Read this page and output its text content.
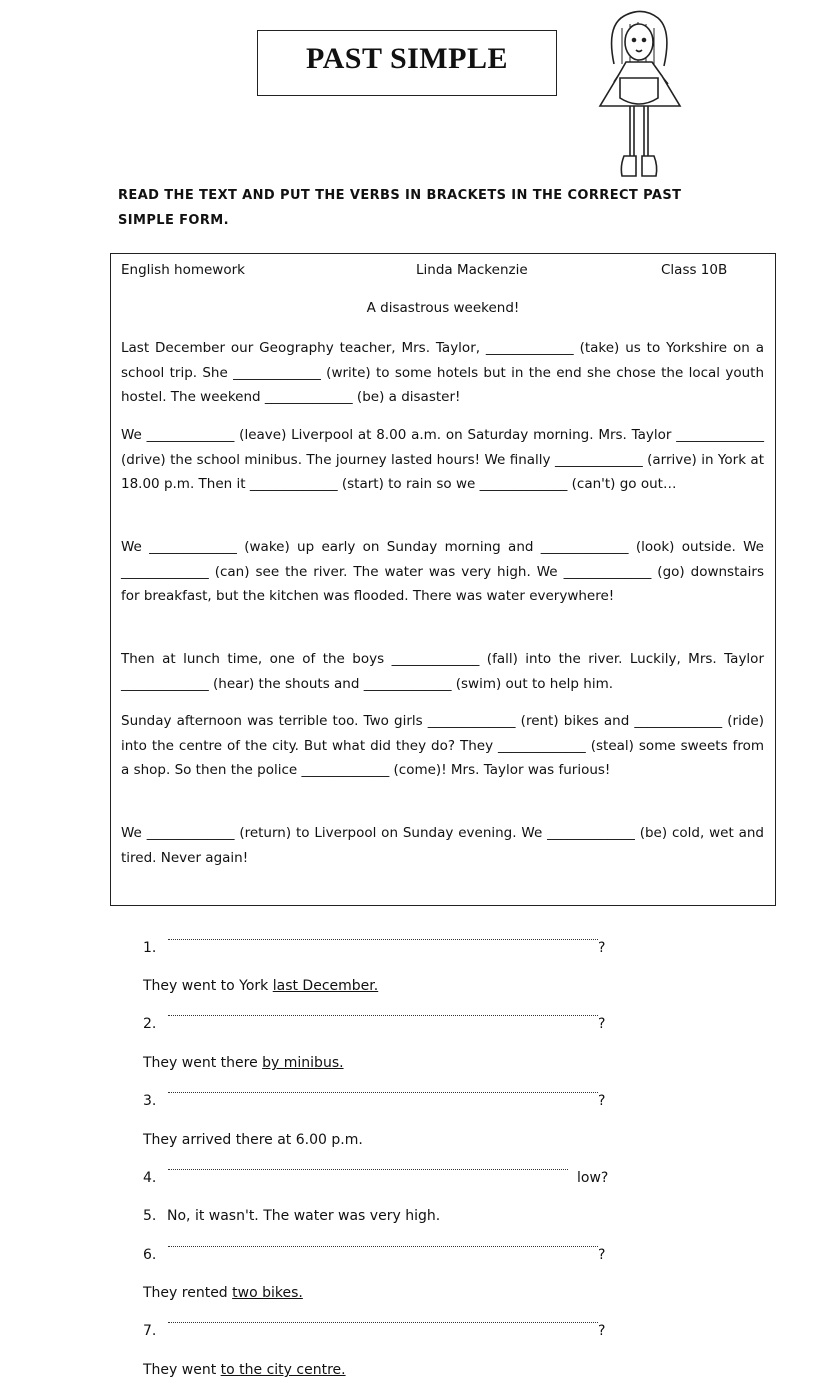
PAST SIMPLE
READ THE TEXT AND PUT THE VERBS IN BRACKETS IN THE CORRECT PAST SIMPLE FORM.
English homework	Linda Mackenzie	Class 10B
A disastrous weekend!

Last December our Geography teacher, Mrs. Taylor, _____________ (take) us to Yorkshire on a school trip. She _____________ (write) to some hotels but in the end she chose the local youth hostel. The weekend _____________ (be) a disaster!

We _____________ (leave) Liverpool at 8.00 a.m. on Saturday morning. Mrs. Taylor _____________ (drive) the school minibus. The journey lasted hours! We finally _____________ (arrive) in York at 18.00 p.m. Then it _____________ (start) to rain so we _____________ (can't) go out…

We _____________ (wake) up early on Sunday morning and _____________ (look) outside. We _____________ (can) see the river. The water was very high. We _____________ (go) downstairs for breakfast, but the kitchen was flooded. There was water everywhere!

Then at lunch time, one of the boys _____________ (fall) into the river. Luckily, Mrs. Taylor _____________ (hear) the shouts and _____________ (swim) out to help him.

Sunday afternoon was terrible too. Two girls _____________ (rent) bikes and _____________ (ride) into the centre of the city. But what did they do? They _____________ (steal) some sweets from a shop. So then the police _____________ (come)! Mrs. Taylor was furious!

We _____________ (return) to Liverpool on Sunday evening. We _____________ (be) cold, wet and tired. Never again!

1.	?
They went to York last December.
2.	?
They went there by minibus.
3.	?
They arrived there at 6.00 p.m.
4.	low?
5. No, it wasn't. The water was very high.
6.	?
They rented two bikes.
7.	?
They went to the city centre.
